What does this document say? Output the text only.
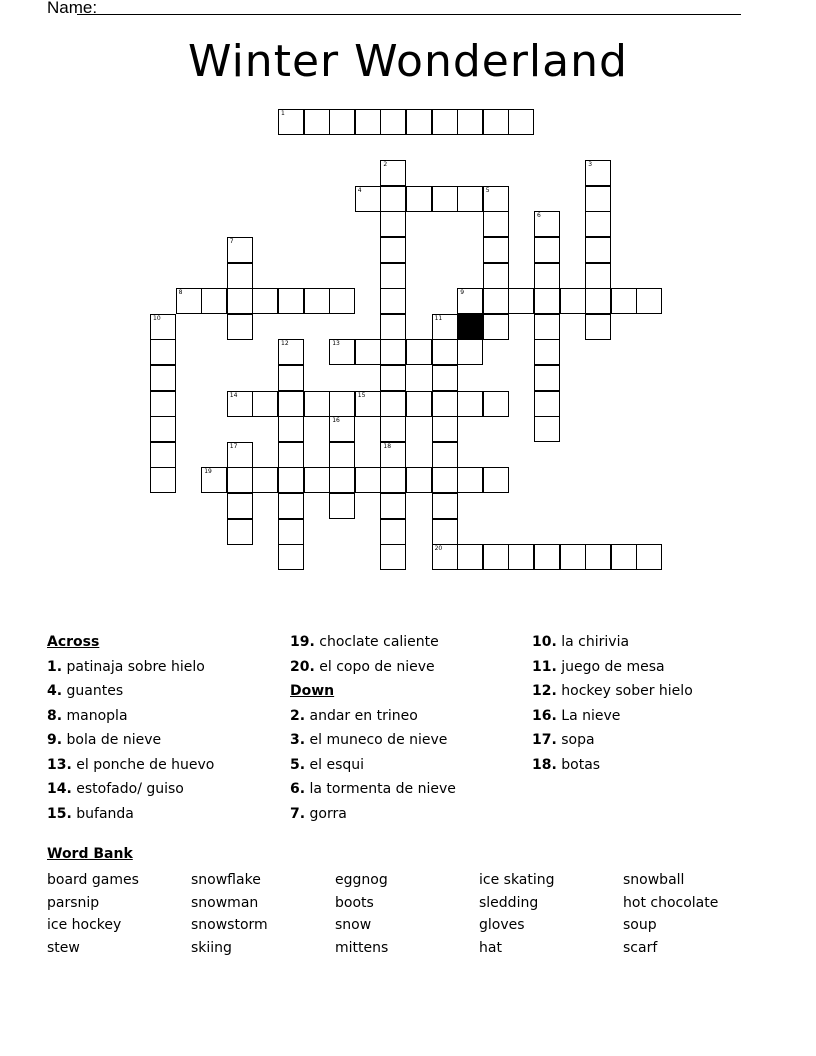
Name:
Winter Wonderland
1
2
18
3
4	5
6
7
8	9
10	11
20
12	13
14	15
16
17
19
Across
1. patinaja sobre hielo
4. guantes
8. manopla
9. bola de nieve
13. el ponche de huevo
14. estofado/ guiso
15. bufanda
19. choclate caliente
20. el copo de nieve
Down
2. andar en trineo
3. el muneco de nieve
5. el esqui
6. la tormenta de nieve
7. gorra
10. la chirivia
11. juego de mesa
12. hockey sober hielo
16. La nieve
17. sopa
18. botas
Word Bank
board games
parsnip
ice hockey
stew
snowflake
snowman
snowstorm
skiing
eggnog
boots
snow
mittens
ice skating
sledding
gloves
hat
snowball
hot chocolate
soup
scarf
